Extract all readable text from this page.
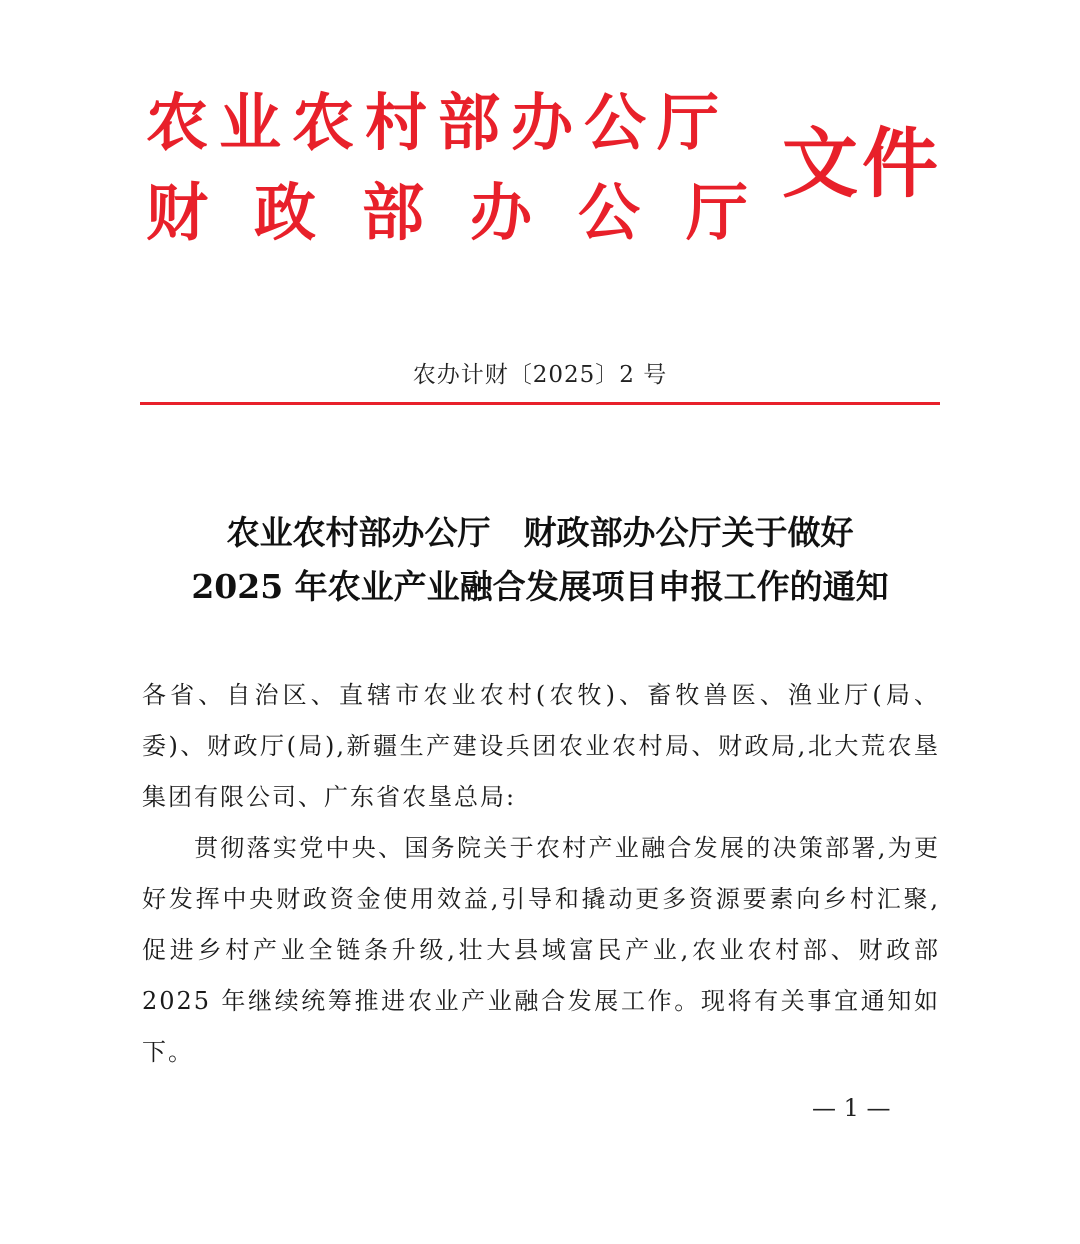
农业农村部办公厅
财政部办公厅
文件
农办计财〔2025〕2 号
农业农村部办公厅　财政部办公厅关于做好
2025 年农业产业融合发展项目申报工作的通知

各省、自治区、直辖市农业农村(农牧)、畜牧兽医、渔业厅(局、委)、财政厅(局),新疆生产建设兵团农业农村局、财政局,北大荒农垦集团有限公司、广东省农垦总局:

贯彻落实党中央、国务院关于农村产业融合发展的决策部署,为更好发挥中央财政资金使用效益,引导和撬动更多资源要素向乡村汇聚,促进乡村产业全链条升级,壮大县域富民产业,农业农村部、财政部 2025 年继续统筹推进农业产业融合发展工作。现将有关事宜通知如下。

— 1 —
